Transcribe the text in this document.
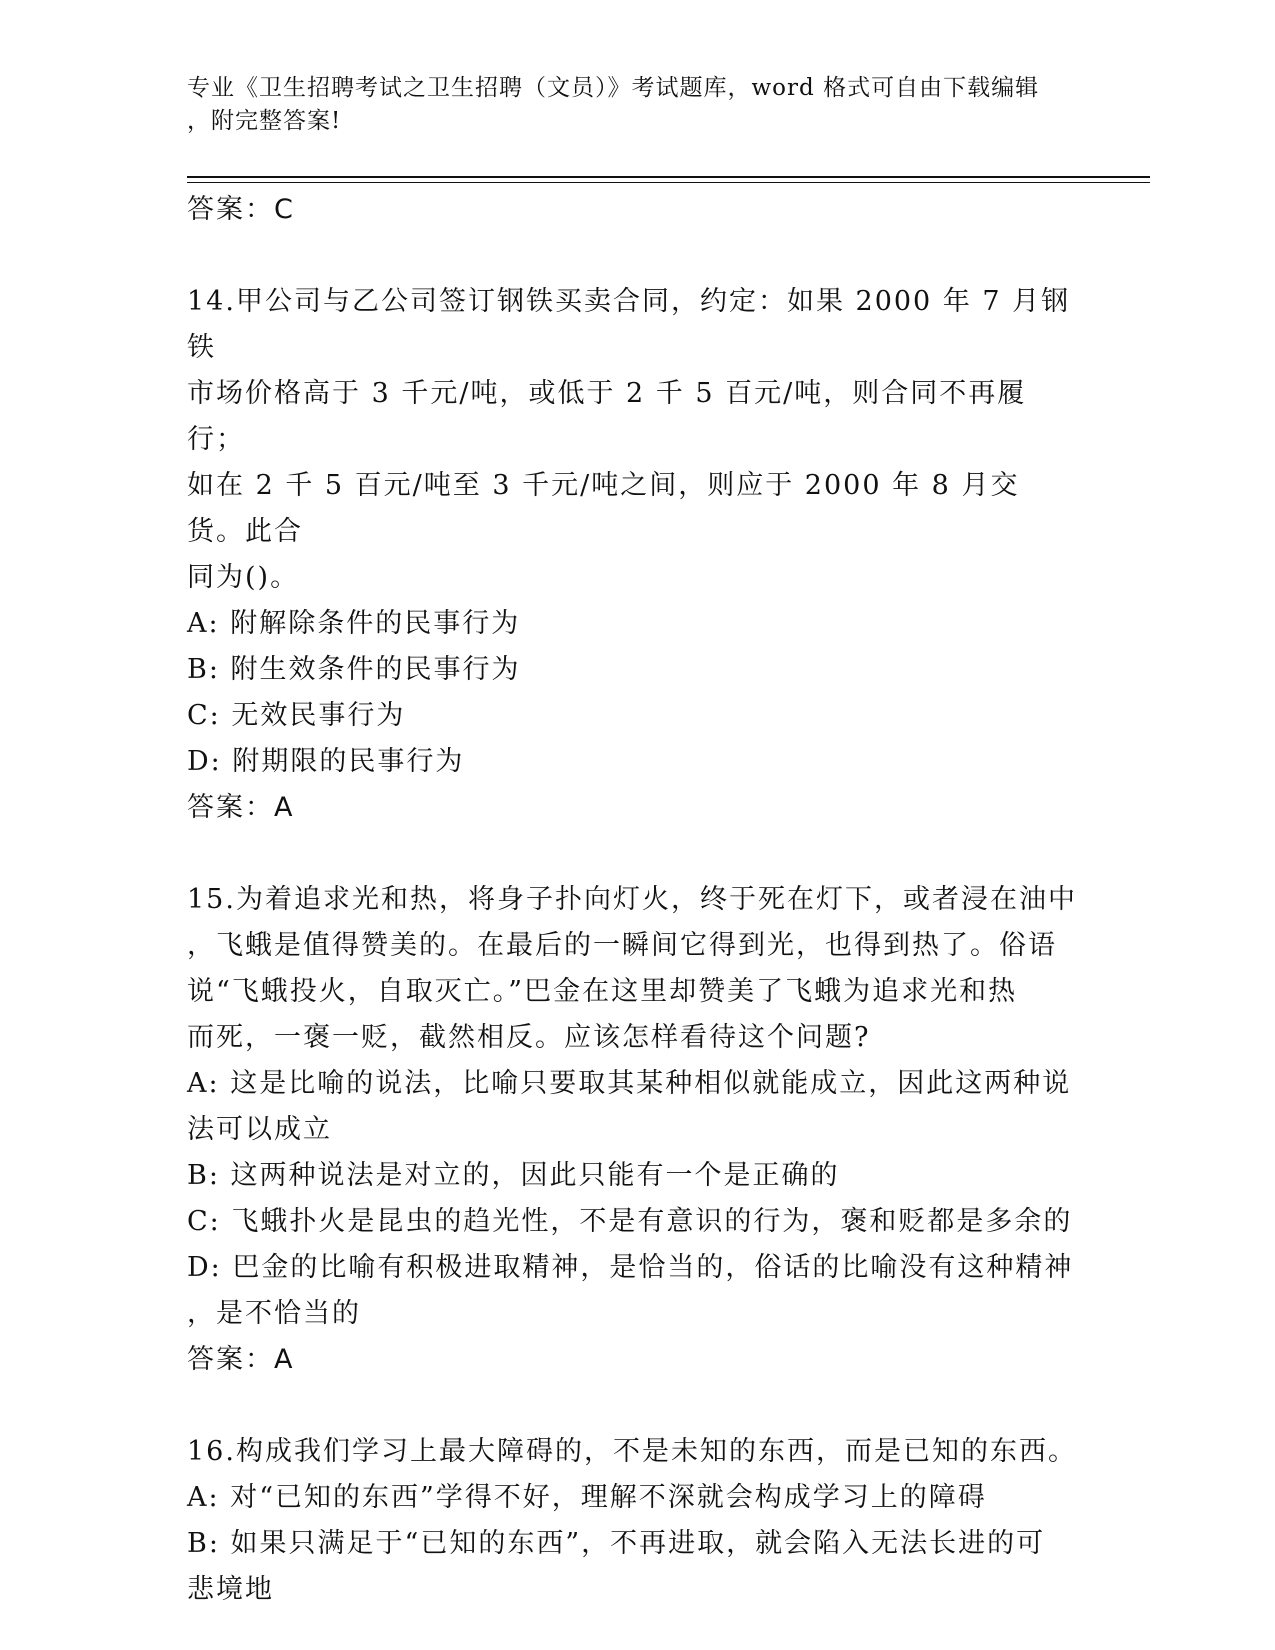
专业《卫生招聘考试之卫生招聘（文员）》考试题库，word 格式可自由下载编辑
，附完整答案!
答案：C
14.甲公司与乙公司签订钢铁买卖合同，约定：如果 2000 年 7 月钢铁
市场价格高于 3 千元/吨，或低于 2 千 5 百元/吨，则合同不再履行；
如在 2 千 5 百元/吨至 3 千元/吨之间，则应于 2000 年 8 月交货。此合
同为()。
A: 附解除条件的民事行为
B: 附生效条件的民事行为
C: 无效民事行为
D: 附期限的民事行为
答案：A
15.为着追求光和热，将身子扑向灯火，终于死在灯下，或者浸在油中
，飞蛾是值得赞美的。在最后的一瞬间它得到光，也得到热了。俗语
说“飞蛾投火，自取灭亡。”巴金在这里却赞美了飞蛾为追求光和热
而死，一褒一贬，截然相反。应该怎样看待这个问题?
A: 这是比喻的说法，比喻只要取其某种相似就能成立，因此这两种说
法可以成立
B: 这两种说法是对立的，因此只能有一个是正确的
C: 飞蛾扑火是昆虫的趋光性，不是有意识的行为，褒和贬都是多余的
D: 巴金的比喻有积极进取精神，是恰当的，俗话的比喻没有这种精神
，是不恰当的
答案：A
16.构成我们学习上最大障碍的，不是未知的东西，而是已知的东西。
A: 对“已知的东西”学得不好，理解不深就会构成学习上的障碍
B: 如果只满足于“已知的东西”，不再进取，就会陷入无法长进的可
悲境地
